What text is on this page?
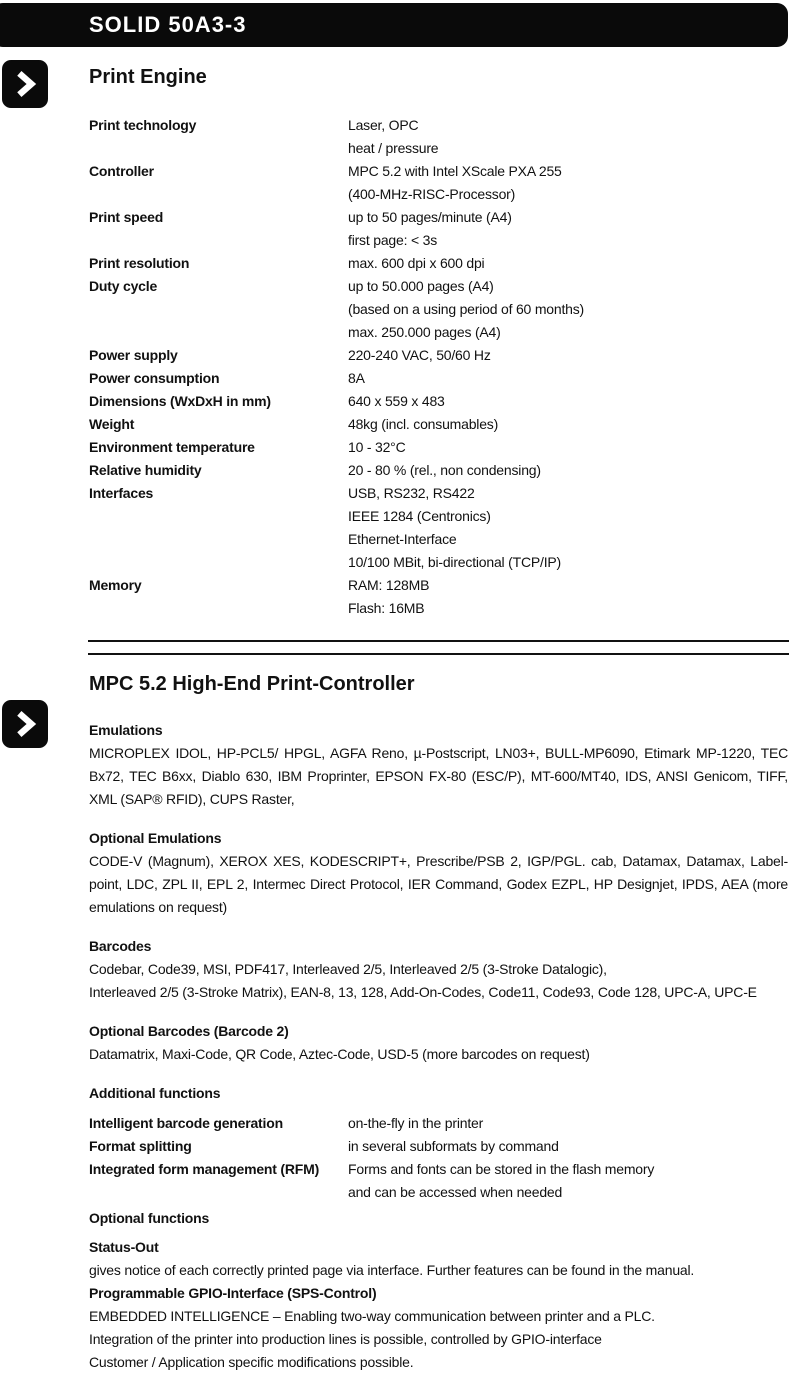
SOLID 50A3-3
Print Engine
Print technology	Laser, OPC
heat / pressure
Controller	MPC 5.2 with Intel XScale PXA 255
(400-MHz-RISC-Processor)
Print speed	up to 50 pages/minute (A4)
first page: < 3s
Print resolution	max. 600 dpi x 600 dpi
Duty cycle	up to 50.000 pages (A4)
(based on a using period of 60 months)
max. 250.000 pages (A4)
Power supply	220-240 VAC, 50/60 Hz
Power consumption	8A
Dimensions (WxDxH in mm)	640 x 559 x 483
Weight	48kg (incl. consumables)
Environment temperature	10 - 32°C
Relative humidity	20 - 80 % (rel., non condensing)
Interfaces	USB, RS232, RS422
IEEE 1284 (Centronics)
Ethernet-Interface
10/100 MBit, bi-directional (TCP/IP)
Memory	RAM: 128MB
Flash: 16MB
MPC 5.2 High-End Print-Controller

Emulations

MICROPLEX IDOL, HP-PCL5/ HPGL, AGFA Reno, µ-Postscript, LN03+, BULL-MP6090, Etimark MP-1220, TEC Bx72, TEC B6xx, Diablo 630, IBM Proprinter, EPSON FX-80 (ESC/P), MT-600/MT40, IDS, ANSI Genicom, TIFF, XML (SAP® RFID), CUPS Raster,

Optional Emulations

CODE-V (Magnum), XEROX XES, KODESCRIPT+, Prescribe/PSB 2, IGP/PGL. cab, Datamax, Datamax, Label-point, LDC, ZPL II, EPL 2, Intermec Direct Protocol, IER Command, Godex EZPL, HP Designjet, IPDS, AEA (more emulations on request)

Barcodes

Codebar, Code39, MSI, PDF417, Interleaved 2/5, Interleaved 2/5 (3-Stroke Datalogic),
Interleaved 2/5 (3-Stroke Matrix), EAN-8, 13, 128, Add-On-Codes, Code11, Code93, Code 128, UPC-A, UPC-E

Optional Barcodes (Barcode 2)

Datamatrix, Maxi-Code, QR Code, Aztec-Code, USD-5 (more barcodes on request)

Additional functions

Intelligent barcode generation	on-the-fly in the printer
Format splitting	in several subformats by command
Integrated form management (RFM)	Forms and fonts can be stored in the flash memory
and can be accessed when needed

Optional functions

Status-Out

gives notice of each correctly printed page via interface. Further features can be found in the manual.

Programmable GPIO-Interface (SPS-Control)

EMBEDDED INTELLIGENCE – Enabling two-way communication between printer and a PLC.
Integration of the printer into production lines is possible, controlled by GPIO-interface
Customer / Application specific modifications possible.
